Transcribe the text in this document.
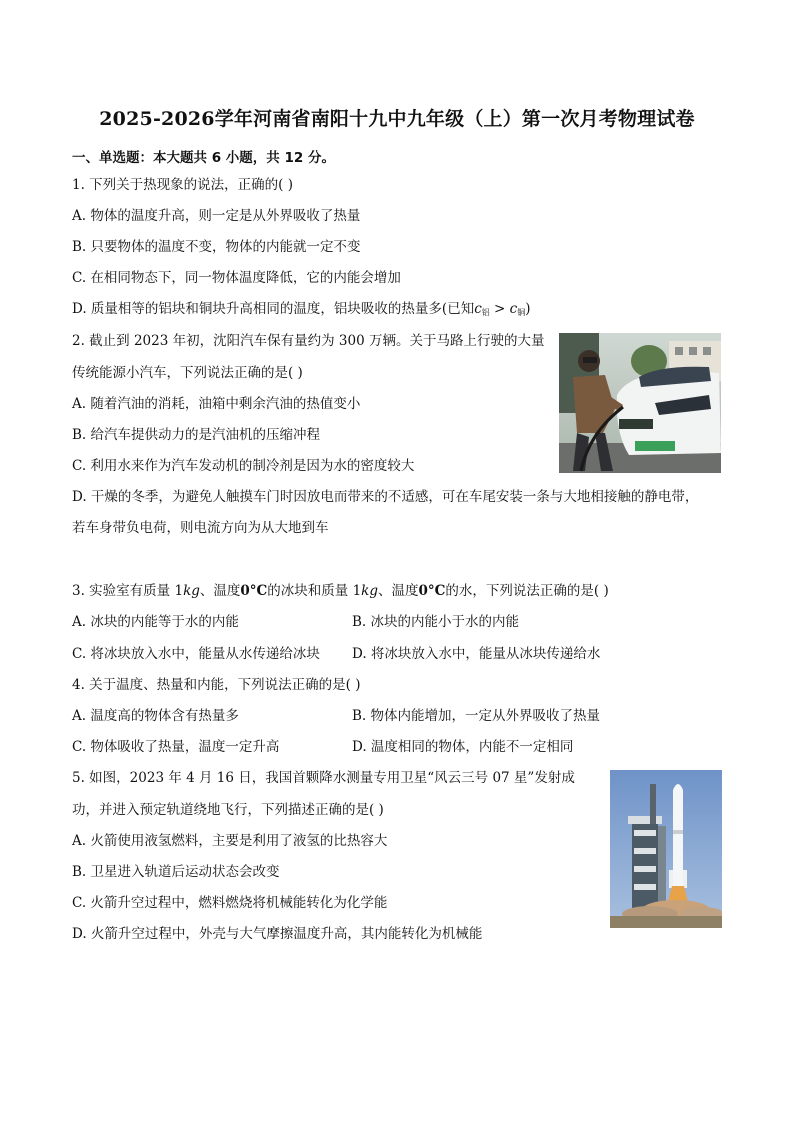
2025-2026学年河南省南阳十九中九年级（上）第一次月考物理试卷
一、单选题：本大题共 6 小题，共 12 分。
1. 下列关于热现象的说法，正确的( )
A. 物体的温度升高，则一定是从外界吸收了热量
B. 只要物体的温度不变，物体的内能就一定不变
C. 在相同物态下，同一物体温度降低，它的内能会增加
D. 质量相等的铝块和铜块升高相同的温度，铝块吸收的热量多(已知$c_铝 > c_铜$)
2. 截止到 2023 年初，沈阳汽车保有量约为 300 万辆。关于马路上行驶的大量
传统能源小汽车，下列说法正确的是( )
A. 随着汽油的消耗，油箱中剩余汽油的热值变小
B. 给汽车提供动力的是汽油机的压缩冲程
C. 利用水来作为汽车发动机的制冷剂是因为水的密度较大
D. 干燥的冬季，为避免人触摸车门时因放电而带来的不适感，可在车尾安装一条与大地相接触的静电带，
若车身带负电荷，则电流方向为从大地到车
3. 实验室有质量 1kg、温度0°C的冰块和质量 1kg、温度0°C的水，下列说法正确的是( )
A. 冰块的内能等于水的内能	B. 冰块的内能小于水的内能
C. 将冰块放入水中，能量从水传递给冰块 D. 将冰块放入水中，能量从冰块传递给水
4. 关于温度、热量和内能，下列说法正确的是( )
A. 温度高的物体含有热量多	B. 物体内能增加，一定从外界吸收了热量
C. 物体吸收了热量，温度一定升高	D. 温度相同的物体，内能不一定相同
5. 如图，2023 年 4 月 16 日，我国首颗降水测量专用卫星“风云三号 07 星”发射成
功，并进入预定轨道绕地飞行，下列描述正确的是( )
A. 火箭使用液氢燃料，主要是利用了液氢的比热容大
B. 卫星进入轨道后运动状态会改变
C. 火箭升空过程中，燃料燃烧将机械能转化为化学能
D. 火箭升空过程中，外壳与大气摩擦温度升高，其内能转化为机械能
